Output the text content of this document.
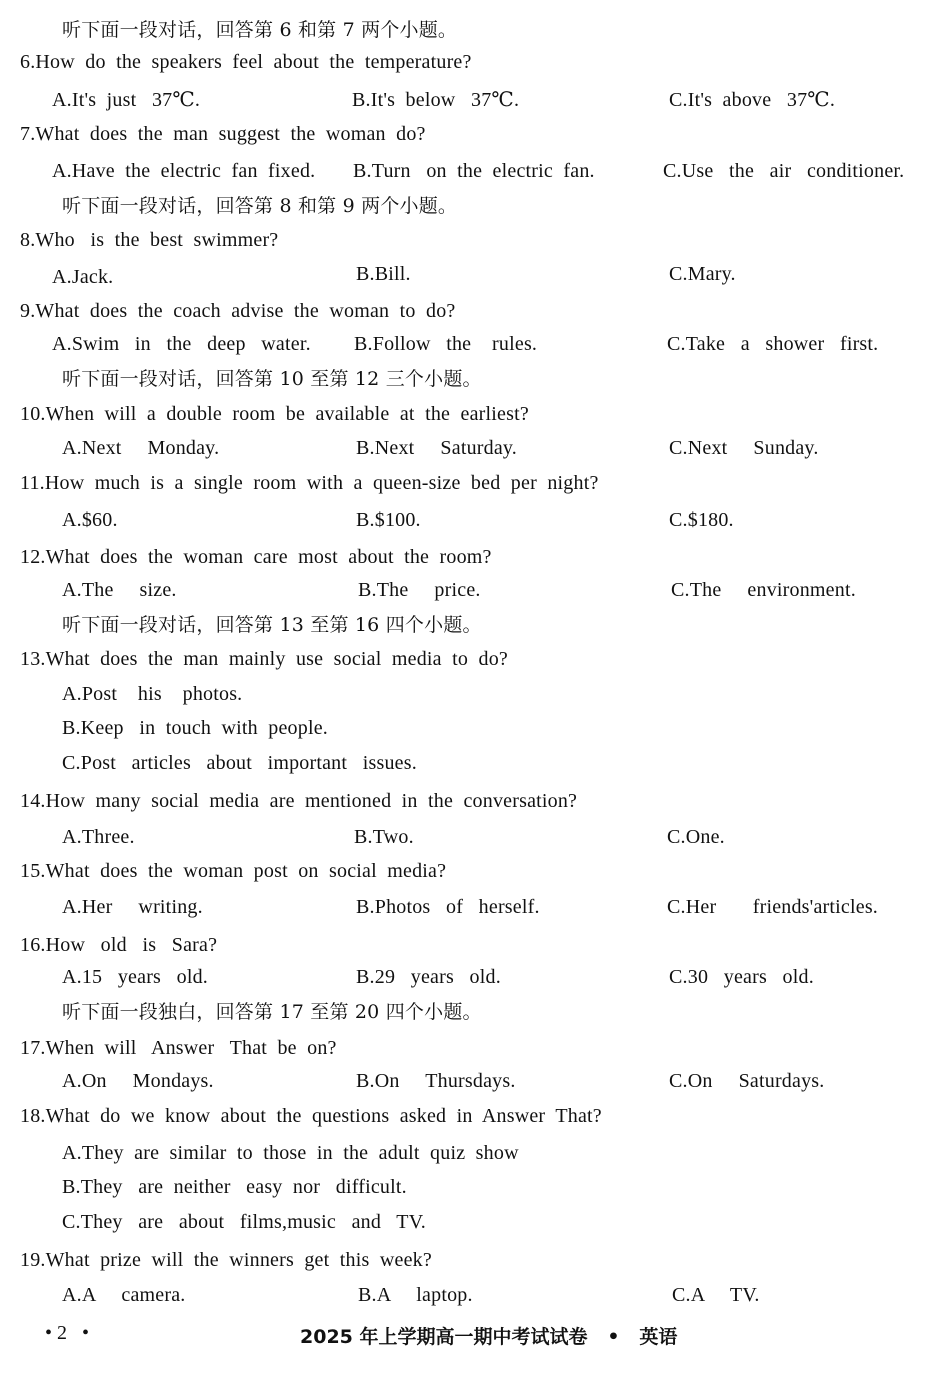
听下面一段对话，回答第 6 和第 7 两个小题。
6.How  do  the  speakers  feel  about  the  temperature?
A.It's  just   37℃.	B.It's  below   37℃.	C.It's  above   37℃.
7.What  does  the  man  suggest  the  woman  do?
A.Have  the  electric  fan  fixed. B.Turn   on  the  electric  fan.	C.Use   the   air   conditioner.
听下面一段对话，回答第 8 和第 9 两个小题。
8.Who   is  the  best  swimmer?
A.Jack.	B.Bill.	C.Mary.
9.What  does  the  coach  advise  the  woman  to  do?
A.Swim   in   the   deep   water. B.Follow   the    rules.	C.Take   a   shower   first.
听下面一段对话，回答第 10 至第 12 三个小题。
10.When  will  a  double  room  be  available  at  the  earliest?
A.Next     Monday.	B.Next     Saturday.	C.Next     Sunday.
11.How  much  is  a  single  room  with  a  queen-size  bed  per  night?
A.$60.	B.$100.	C.$180.
12.What  does  the  woman  care  most  about  the  room?
A.The     size.	B.The     price.	C.The     environment.
听下面一段对话，回答第 13 至第 16 四个小题。
13.What  does  the  man  mainly  use  social  media  to  do?
A.Post    his    photos.
B.Keep   in  touch  with  people.
C.Post   articles   about   important   issues.
14.How  many  social  media  are  mentioned  in  the  conversation?
A.Three.	B.Two.	C.One.
15.What  does  the  woman  post  on  social  media?
A.Her     writing.	B.Photos   of   herself.	C.Her       friends'articles.
16.How   old   is   Sara?
A.15   years   old.	B.29   years   old.	C.30   years   old.
听下面一段独白，回答第 17 至第 20 四个小题。
17.When  will   Answer   That  be  on?
A.On     Mondays.	B.On     Thursdays.	C.On     Saturdays.
18.What  do  we  know  about  the  questions  asked  in  Answer  That?
A.They  are  similar  to  those  in  the  adult  quiz  show
B.They   are  neither   easy  nor   difficult.
C.They   are   about   films,music   and   TV.
19.What  prize  will  the  winners  get  this  week?
A.A     camera.	B.A     laptop.	C.A     TV.
• 2   •	2025 年上学期高一期中考试试卷   •   英语
